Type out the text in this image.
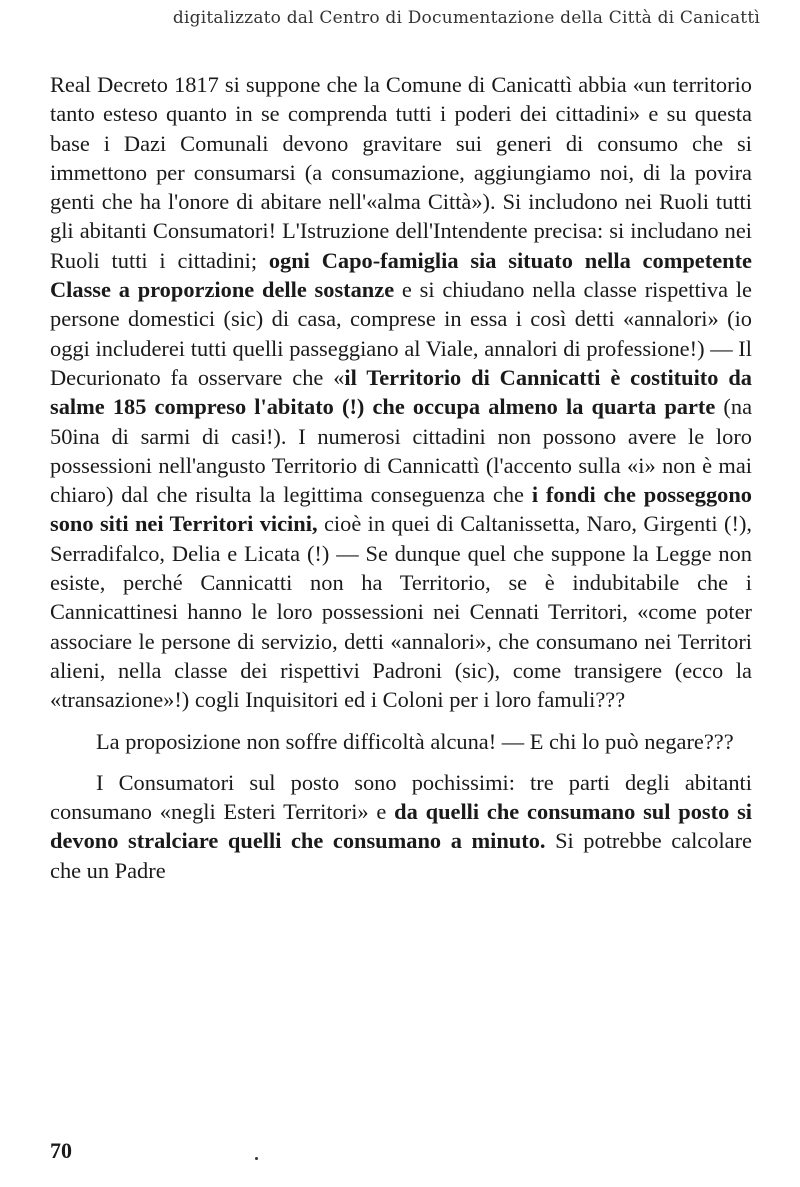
digitalizzato dal Centro di Documentazione della Città di Canicattì

Real Decreto 1817 si suppone che la Comune di Canicattì abbia «un territorio tanto esteso quanto in se comprenda tutti i poderi dei cittadini» e su questa base i Dazi Comunali devono gravitare sui generi di consumo che si immettono per consumarsi (a consumazione, aggiungiamo noi, di la povira genti che ha l'onore di abitare nell'«alma Città»). Si includono nei Ruoli tutti gli abitanti Consumatori! L'Istruzione dell'Intendente precisa: si includano nei Ruoli tutti i cittadini; ogni Capo-famiglia sia situato nella competente Classe a proporzione delle sostanze e si chiudano nella classe rispettiva le persone domestici (sic) di casa, comprese in essa i così detti «annalori» (io oggi includerei tutti quelli passeggiano al Viale, annalori di professione!) — Il Decurionato fa osservare che «il Territorio di Cannicatti è costituito da salme 185 compreso l'abitato (!) che occupa almeno la quarta parte (na 50ina di sarmi di casi!). I numerosi cittadini non possono avere le loro possessioni nell'angusto Territorio di Cannicattì (l'accento sulla «i» non è mai chiaro) dal che risulta la legittima conseguenza che i fondi che posseggono sono siti nei Territori vicini, cioè in quei di Caltanissetta, Naro, Girgenti (!), Serradifalco, Delia e Licata (!) — Se dunque quel che suppone la Legge non esiste, perché Cannicatti non ha Territorio, se è indubitabile che i Cannicattinesi hanno le loro possessioni nei Cennati Territori, «come poter associare le persone di servizio, detti «annalori», che consumano nei Territori alieni, nella classe dei rispettivi Padroni (sic), come transigere (ecco la «transazione»!) cogli Inquisitori ed i Coloni per i loro famuli???

La proposizione non soffre difficoltà alcuna! — E chi lo può negare???

I Consumatori sul posto sono pochissimi: tre parti degli abitanti consumano «negli Esteri Territori» e da quelli che consumano sul posto si devono stralciare quelli che consumano a minuto. Si potrebbe calcolare che un Padre

70
